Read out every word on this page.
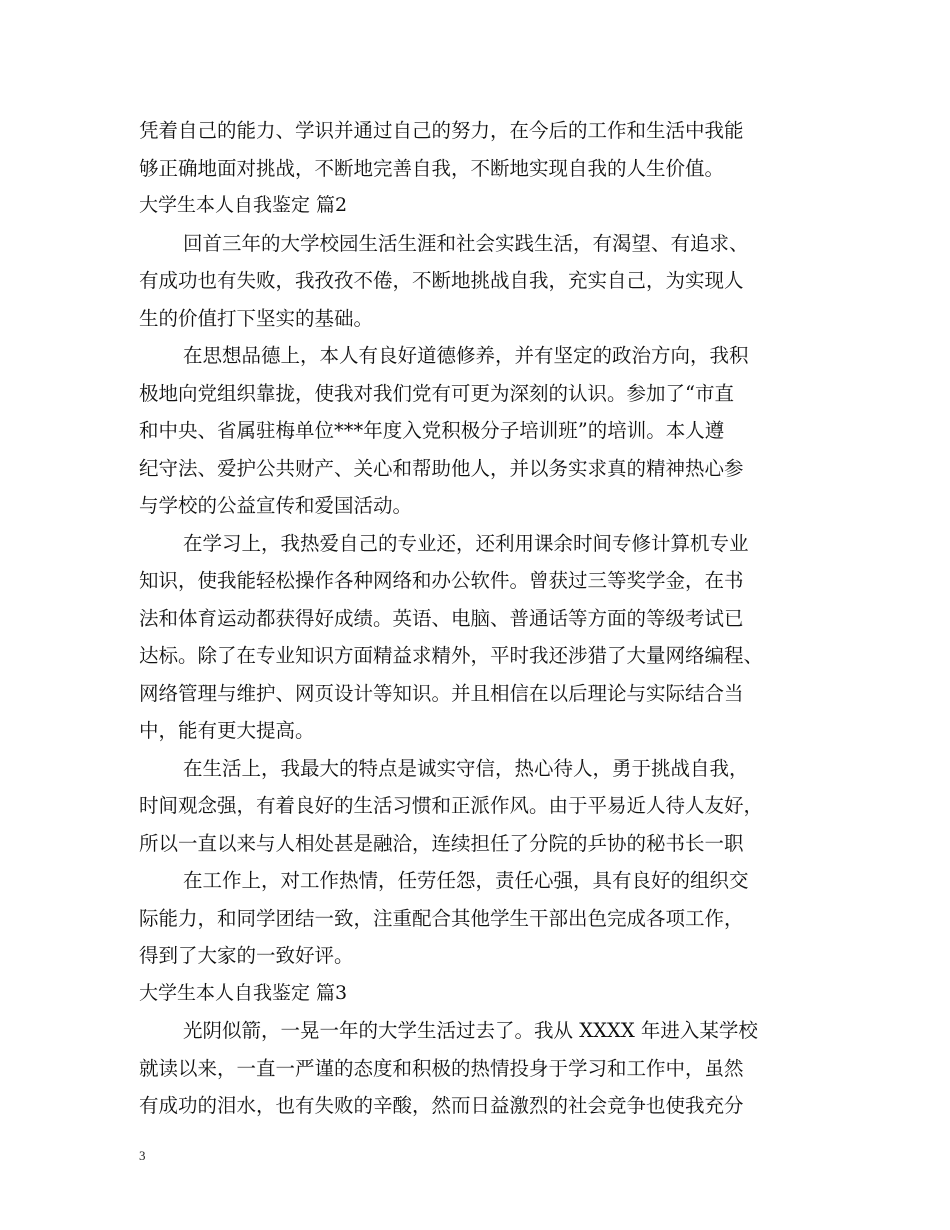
凭着自己的能力、学识并通过自己的努力，在今后的工作和生活中我能
够正确地面对挑战，不断地完善自我，不断地实现自我的人生价值。
大学生本人自我鉴定 篇2
回首三年的大学校园生活生涯和社会实践生活，有渴望、有追求、
有成功也有失败，我孜孜不倦，不断地挑战自我，充实自己，为实现人
生的价值打下坚实的基础。
在思想品德上，本人有良好道德修养，并有坚定的政治方向，我积
极地向党组织靠拢，使我对我们党有可更为深刻的认识。参加了“市直
和中央、省属驻梅单位***年度入党积极分子培训班”的培训。本人遵
纪守法、爱护公共财产、关心和帮助他人，并以务实求真的精神热心参
与学校的公益宣传和爱国活动。
在学习上，我热爱自己的专业还，还利用课余时间专修计算机专业
知识，使我能轻松操作各种网络和办公软件。曾获过三等奖学金，在书
法和体育运动都获得好成绩。英语、电脑、普通话等方面的等级考试已
达标。除了在专业知识方面精益求精外，平时我还涉猎了大量网络编程、
网络管理与维护、网页设计等知识。并且相信在以后理论与实际结合当
中，能有更大提高。
在生活上，我最大的特点是诚实守信，热心待人，勇于挑战自我，
时间观念强，有着良好的生活习惯和正派作风。由于平易近人待人友好，
所以一直以来与人相处甚是融洽，连续担任了分院的乒协的秘书长一职
在工作上，对工作热情，任劳任怨，责任心强，具有良好的组织交
际能力，和同学团结一致，注重配合其他学生干部出色完成各项工作，
得到了大家的一致好评。
大学生本人自我鉴定 篇3
光阴似箭，一晃一年的大学生活过去了。我从 XXXX 年进入某学校
就读以来，一直一严谨的态度和积极的热情投身于学习和工作中，虽然
有成功的泪水，也有失败的辛酸，然而日益激烈的社会竞争也使我充分
3
